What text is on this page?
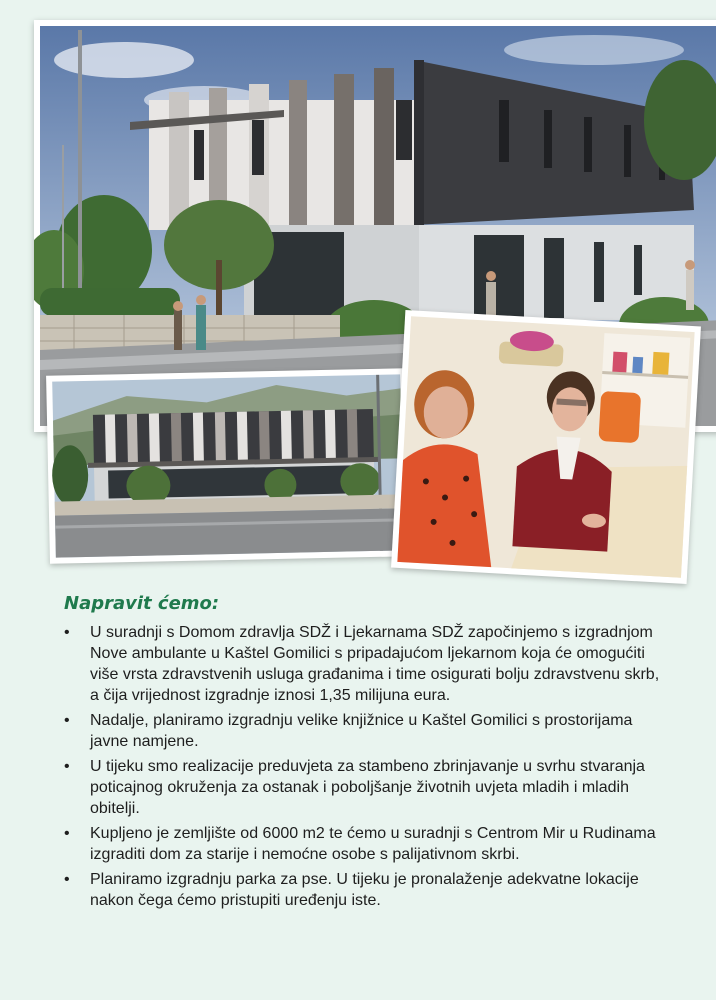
Napravit ćemo:
• U suradnji s Domom zdravlja SDŽ i Ljekarnama SDŽ započinjemo s izgradnjom Nove ambulante u Kaštel Gomilici s pripadajućom ljekarnom koja će omogućiti više vrsta zdravstvenih usluga građanima i time osigurati bolju zdravstvenu skrb, a čija vrijednost izgradnje iznosi 1,35 milijuna eura.
• Nadalje, planiramo izgradnju velike knjižnice u Kaštel Gomilici s prostorijama javne namjene.
• U tijeku smo realizacije preduvjeta za stambeno zbrinjavanje u svrhu stvaranja poticajnog okruženja za ostanak i poboljšanje životnih uvjeta mladih i mladih obitelji.
• Kupljeno je zemljište od 6000 m2 te ćemo u suradnji s Centrom Mir u Rudinama izgraditi dom za starije i nemoćne osobe s palijativnom skrbi.
• Planiramo izgradnju parka za pse. U tijeku je pronalaženje adekvatne lokacije nakon čega ćemo pristupiti uređenju iste.
